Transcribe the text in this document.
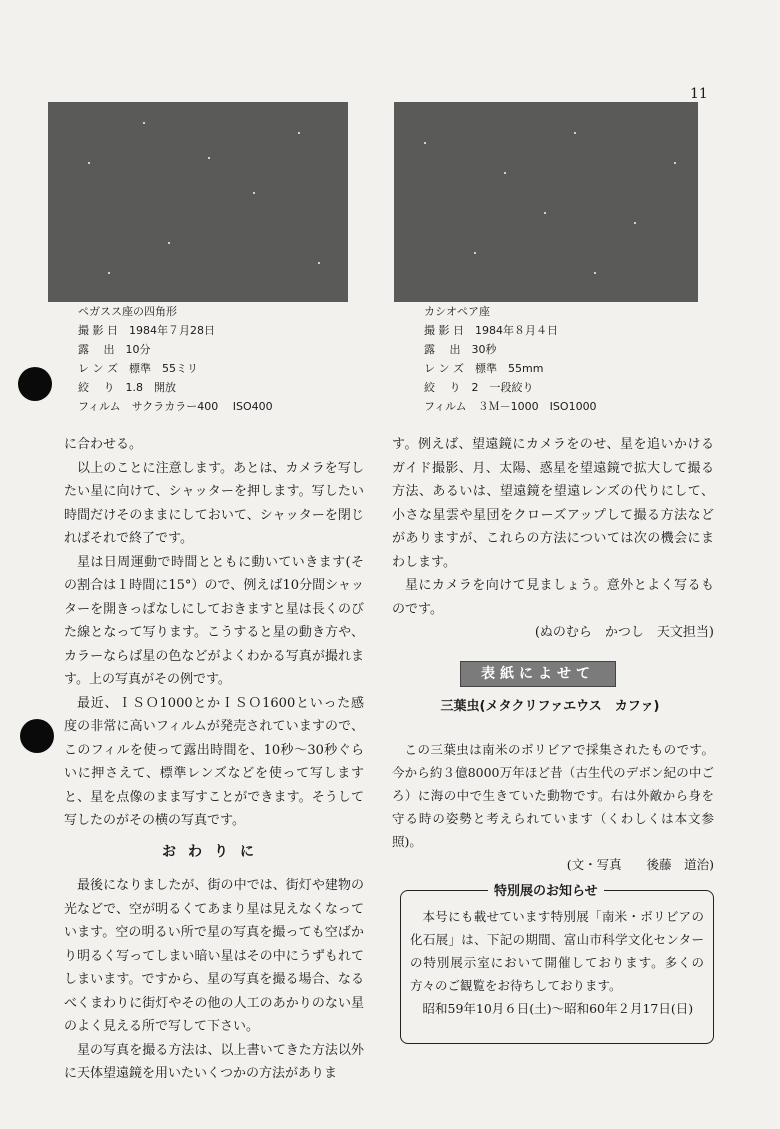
11
ペガスス座の四角形
撮 影 日　 1984年７月28日
露　 出　 10分
レ ン ズ　 標準　55ミリ
絞　 り　 1.8　開放
フィルム　 サクラカラー400　 ISO400
カシオペア座
撮 影 日　 1984年８月４日
露　 出　 30秒
レ ン ズ　 標準　55mm
絞　 り　 2　一段絞り
フィルム　 ３Ｍ－1000　ISO1000

に合わせる。

以上のことに注意します。あとは、カメラを写したい星に向けて、シャッターを押します。写したい時間だけそのままにしておいて、シャッターを閉じればそれで終了です。

星は日周運動で時間とともに動いていきます(その割合は１時間に15°）ので、例えば10分間シャッターを開きっぱなしにしておきますと星は長くのびた線となって写ります。こうすると星の動き方や、カラーならば星の色などがよくわかる写真が撮れます。上の写真がその例です。

最近、ＩＳＯ1000とかＩＳＯ1600といった感度の非常に高いフィルムが発売されていますので、このフィルを使って露出時間を、10秒～30秒ぐらいに押さえて、標準レンズなどを使って写しますと、星を点像のまま写すことができます。そうして写したのがその横の写真です。

おわりに

最後になりましたが、街の中では、街灯や建物の光などで、空が明るくてあまり星は見えなくなっています。空の明るい所で星の写真を撮っても空ばかり明るく写ってしまい暗い星はその中にうずもれてしまいます。ですから、星の写真を撮る場合、なるべくまわりに街灯やその他の人工のあかりのない星のよく見える所で写して下さい。

星の写真を撮る方法は、以上書いてきた方法以外に天体望遠鏡を用いたいくつかの方法がありま

す。例えば、望遠鏡にカメラをのせ、星を追いかけるガイド撮影、月、太陽、惑星を望遠鏡で拡大して撮る方法、あるいは、望遠鏡を望遠レンズの代りにして、小さな星雲や星団をクローズアップして撮る方法などがありますが、これらの方法については次の機会にまわします。

星にカメラを向けて見ましょう。意外とよく写るものです。

(ぬのむら　かつし　天文担当)

表紙によせて
三葉虫(メタクリファエウス　カファ)

この三葉虫は南米のボリビアで採集されたものです。今から約３億8000万年ほど昔（古生代のデボン紀の中ごろ）に海の中で生きていた動物です。右は外敵から身を守る時の姿勢と考えられています（くわしくは本文参照)。

(文・写真　　後藤　道治)

特別展のお知らせ

本号にも載せています特別展「南米・ボリビアの化石展」は、下記の期間、富山市科学文化センターの特別展示室において開催しております。多くの方々のご観覧をお待ちしております。

昭和59年10月６日(土)～昭和60年２月17日(日)
